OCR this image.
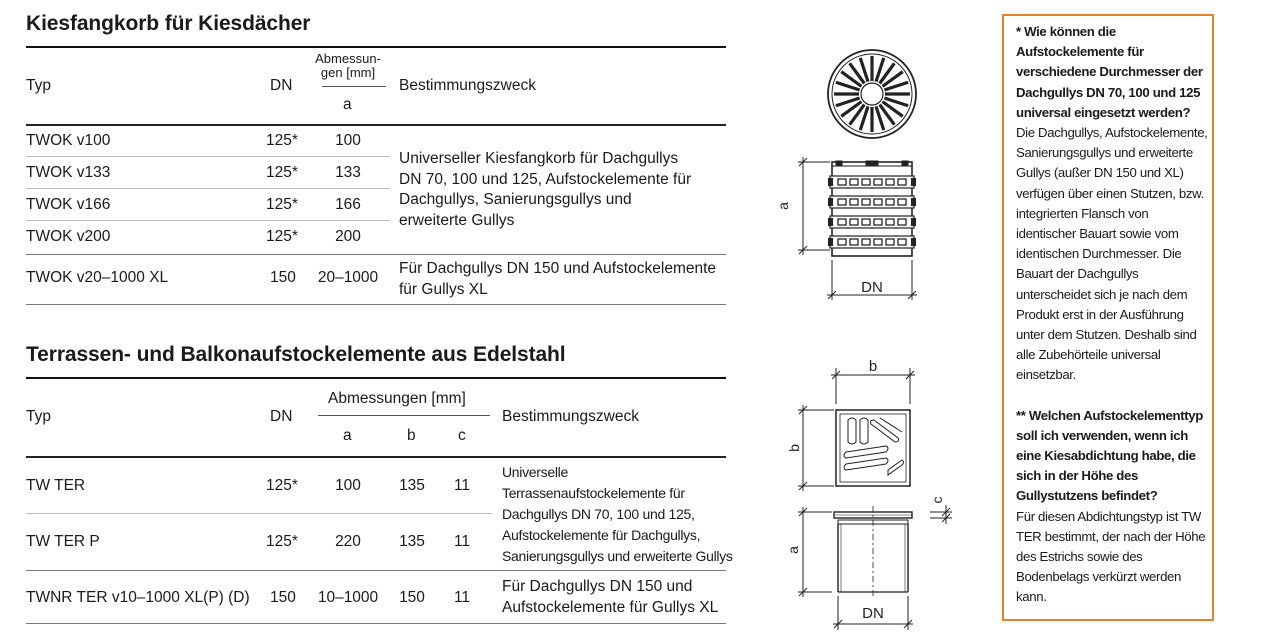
Kiesfangkorb für Kiesdächer
Typ	DN
Abmessun-
gen [mm]
a
Bestimmungszweck
TWOK v100	125*	100
TWOK v133	125*	133
TWOK v166	125*	166
TWOK v200	125*	200
Universeller Kiesfangkorb für Dachgullys DN 70, 100 und 125, Aufstockelemente für Dachgullys, Sanierungsgullys und erweiterte Gullys
TWOK v20–1000 XL	150	20–1000
Für Dachgullys DN 150 und Aufstockelemente für Gullys XL
Terrassen- und Balkonaufstockelemente aus Edelstahl
Typ	DN
Abmessungen [mm]
a	b	c
Bestimmungszweck
TW TER	125*	100	135	11
TW TER P	125*	220	135	11
Universelle Terrassenaufstockelemente für Dachgullys DN 70, 100 und 125, Aufstockelemente für Dachgullys, Sanierungsgullys und erweiterte Gullys
TWNR TER v10–1000 XL(P) (D) 150	10–1000	150	11
Für Dachgullys DN 150 und Aufstockelemente für Gullys XL
a
DN
b
b
c
a
DN

* Wie können die Aufstockelemente für verschiedene Durchmesser der Dachgullys DN 70, 100 und 125 universal eingesetzt werden?

Die Dachgullys, Aufstockelemente, Sanierungsgullys und erweiterte Gullys (außer DN 150 und XL) verfügen über einen Stutzen, bzw. integrierten Flansch von identischer Bauart sowie vom identischen Durchmesser. Die Bauart der Dachgullys unterscheidet sich je nach dem Produkt erst in der Ausführung unter dem Stutzen. Deshalb sind alle Zubehörteile universal einsetzbar.

** Welchen Aufstockelementtyp soll ich verwenden, wenn ich eine Kiesabdichtung habe, die sich in der Höhe des Gullystutzens befindet?

Für diesen Abdichtungstyp ist TW TER bestimmt, der nach der Höhe des Estrichs sowie des Bodenbelags verkürzt werden kann.
